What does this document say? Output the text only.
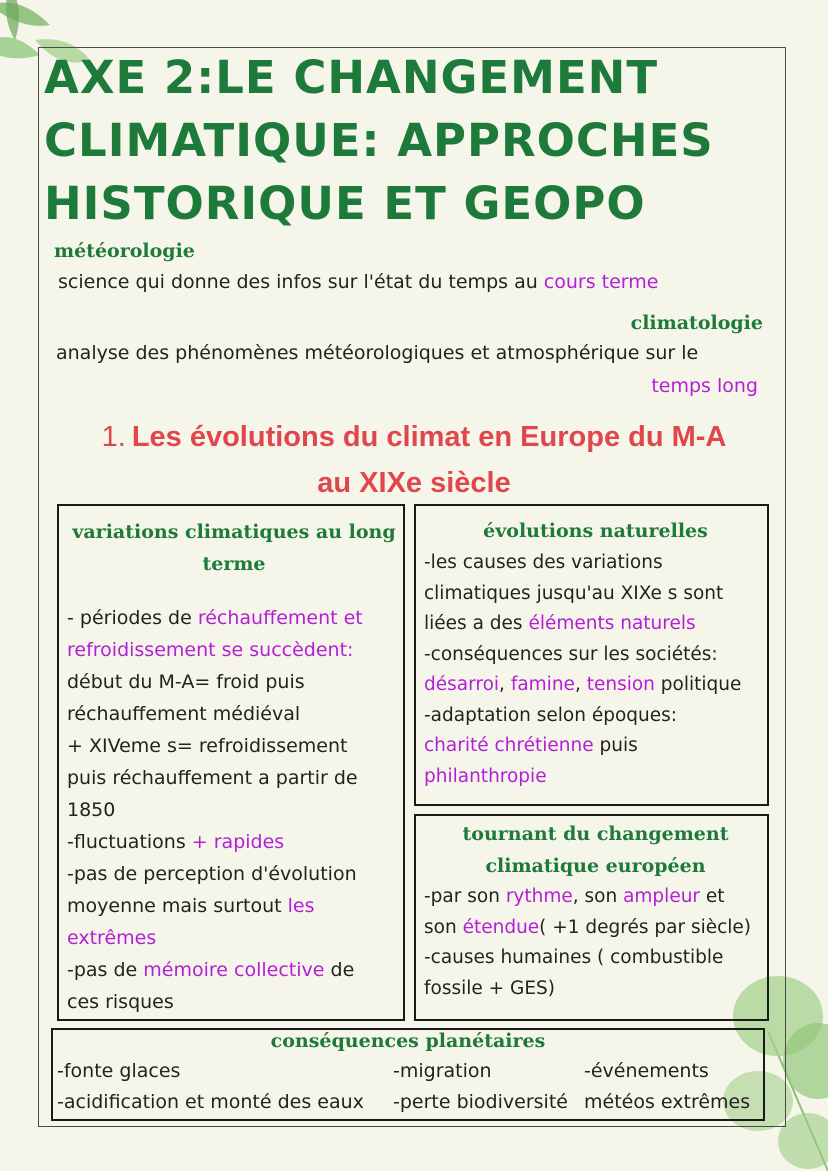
AXE 2:LE CHANGEMENT
CLIMATIQUE: APPROCHES
HISTORIQUE ET GEOPO
météorologie
science qui donne des infos sur l'état du temps au cours terme
climatologie
analyse des phénomènes météorologiques et atmosphérique sur le
temps long
1. Les évolutions du climat en Europe du M-A
au XIXe siècle

variations climatiques au long
terme

- périodes de réchauffement et
refroidissement se succèdent:
début du M-A= froid puis
réchauffement médiéval
+ XIVeme s= refroidissement
puis réchauffement a partir de
1850
-fluctuations + rapides
-pas de perception d'évolution
moyenne mais surtout les
extrêmes
-pas de mémoire collective de
ces risques

évolutions naturelles

-les causes des variations
climatiques jusqu'au XIXe s sont
liées a des éléments naturels
-conséquences sur les sociétés:
désarroi, famine, tension politique
-adaptation selon époques:
charité chrétienne puis
philanthropie

tournant du changement
climatique européen

-par son rythme, son ampleur et
son étendue( +1 degrés par siècle)
-causes humaines ( combustible
fossile + GES)

conséquences planétaires

-fonte glaces
-acidification et monté des eaux
-migration
-perte biodiversité
-événements
météos extrêmes
